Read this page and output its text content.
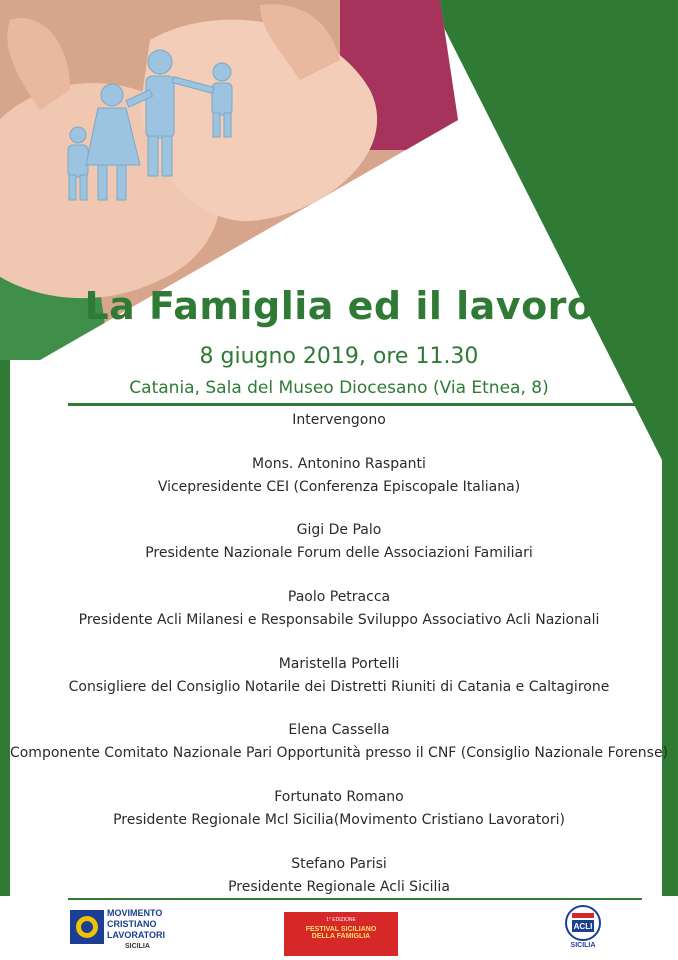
La Famiglia ed il lavoro
8 giugno 2019, ore 11.30
Catania, Sala del Museo Diocesano (Via Etnea, 8)
Intervengono
Mons. Antonino Raspanti
Vicepresidente CEI (Conferenza Episcopale Italiana)
Gigi De Palo
Presidente Nazionale Forum delle Associazioni Familiari
Paolo Petracca
Presidente Acli Milanesi e Responsabile Sviluppo Associativo Acli Nazionali
Maristella Portelli
Consigliere del Consiglio Notarile dei Distretti Riuniti di Catania e Caltagirone
Elena Cassella
Componente Comitato Nazionale Pari Opportunità presso il CNF (Consiglio Nazionale Forense)
Fortunato Romano
Presidente Regionale Mcl Sicilia(Movimento Cristiano Lavoratori)
Stefano Parisi
Presidente Regionale Acli Sicilia
MOVIMENTO
CRISTIANO
LAVORATORI
SICILIA
1° EDIZIONE
FESTIVAL SICILIANO
DELLA FAMIGLIA
ACLI
SICILIA
